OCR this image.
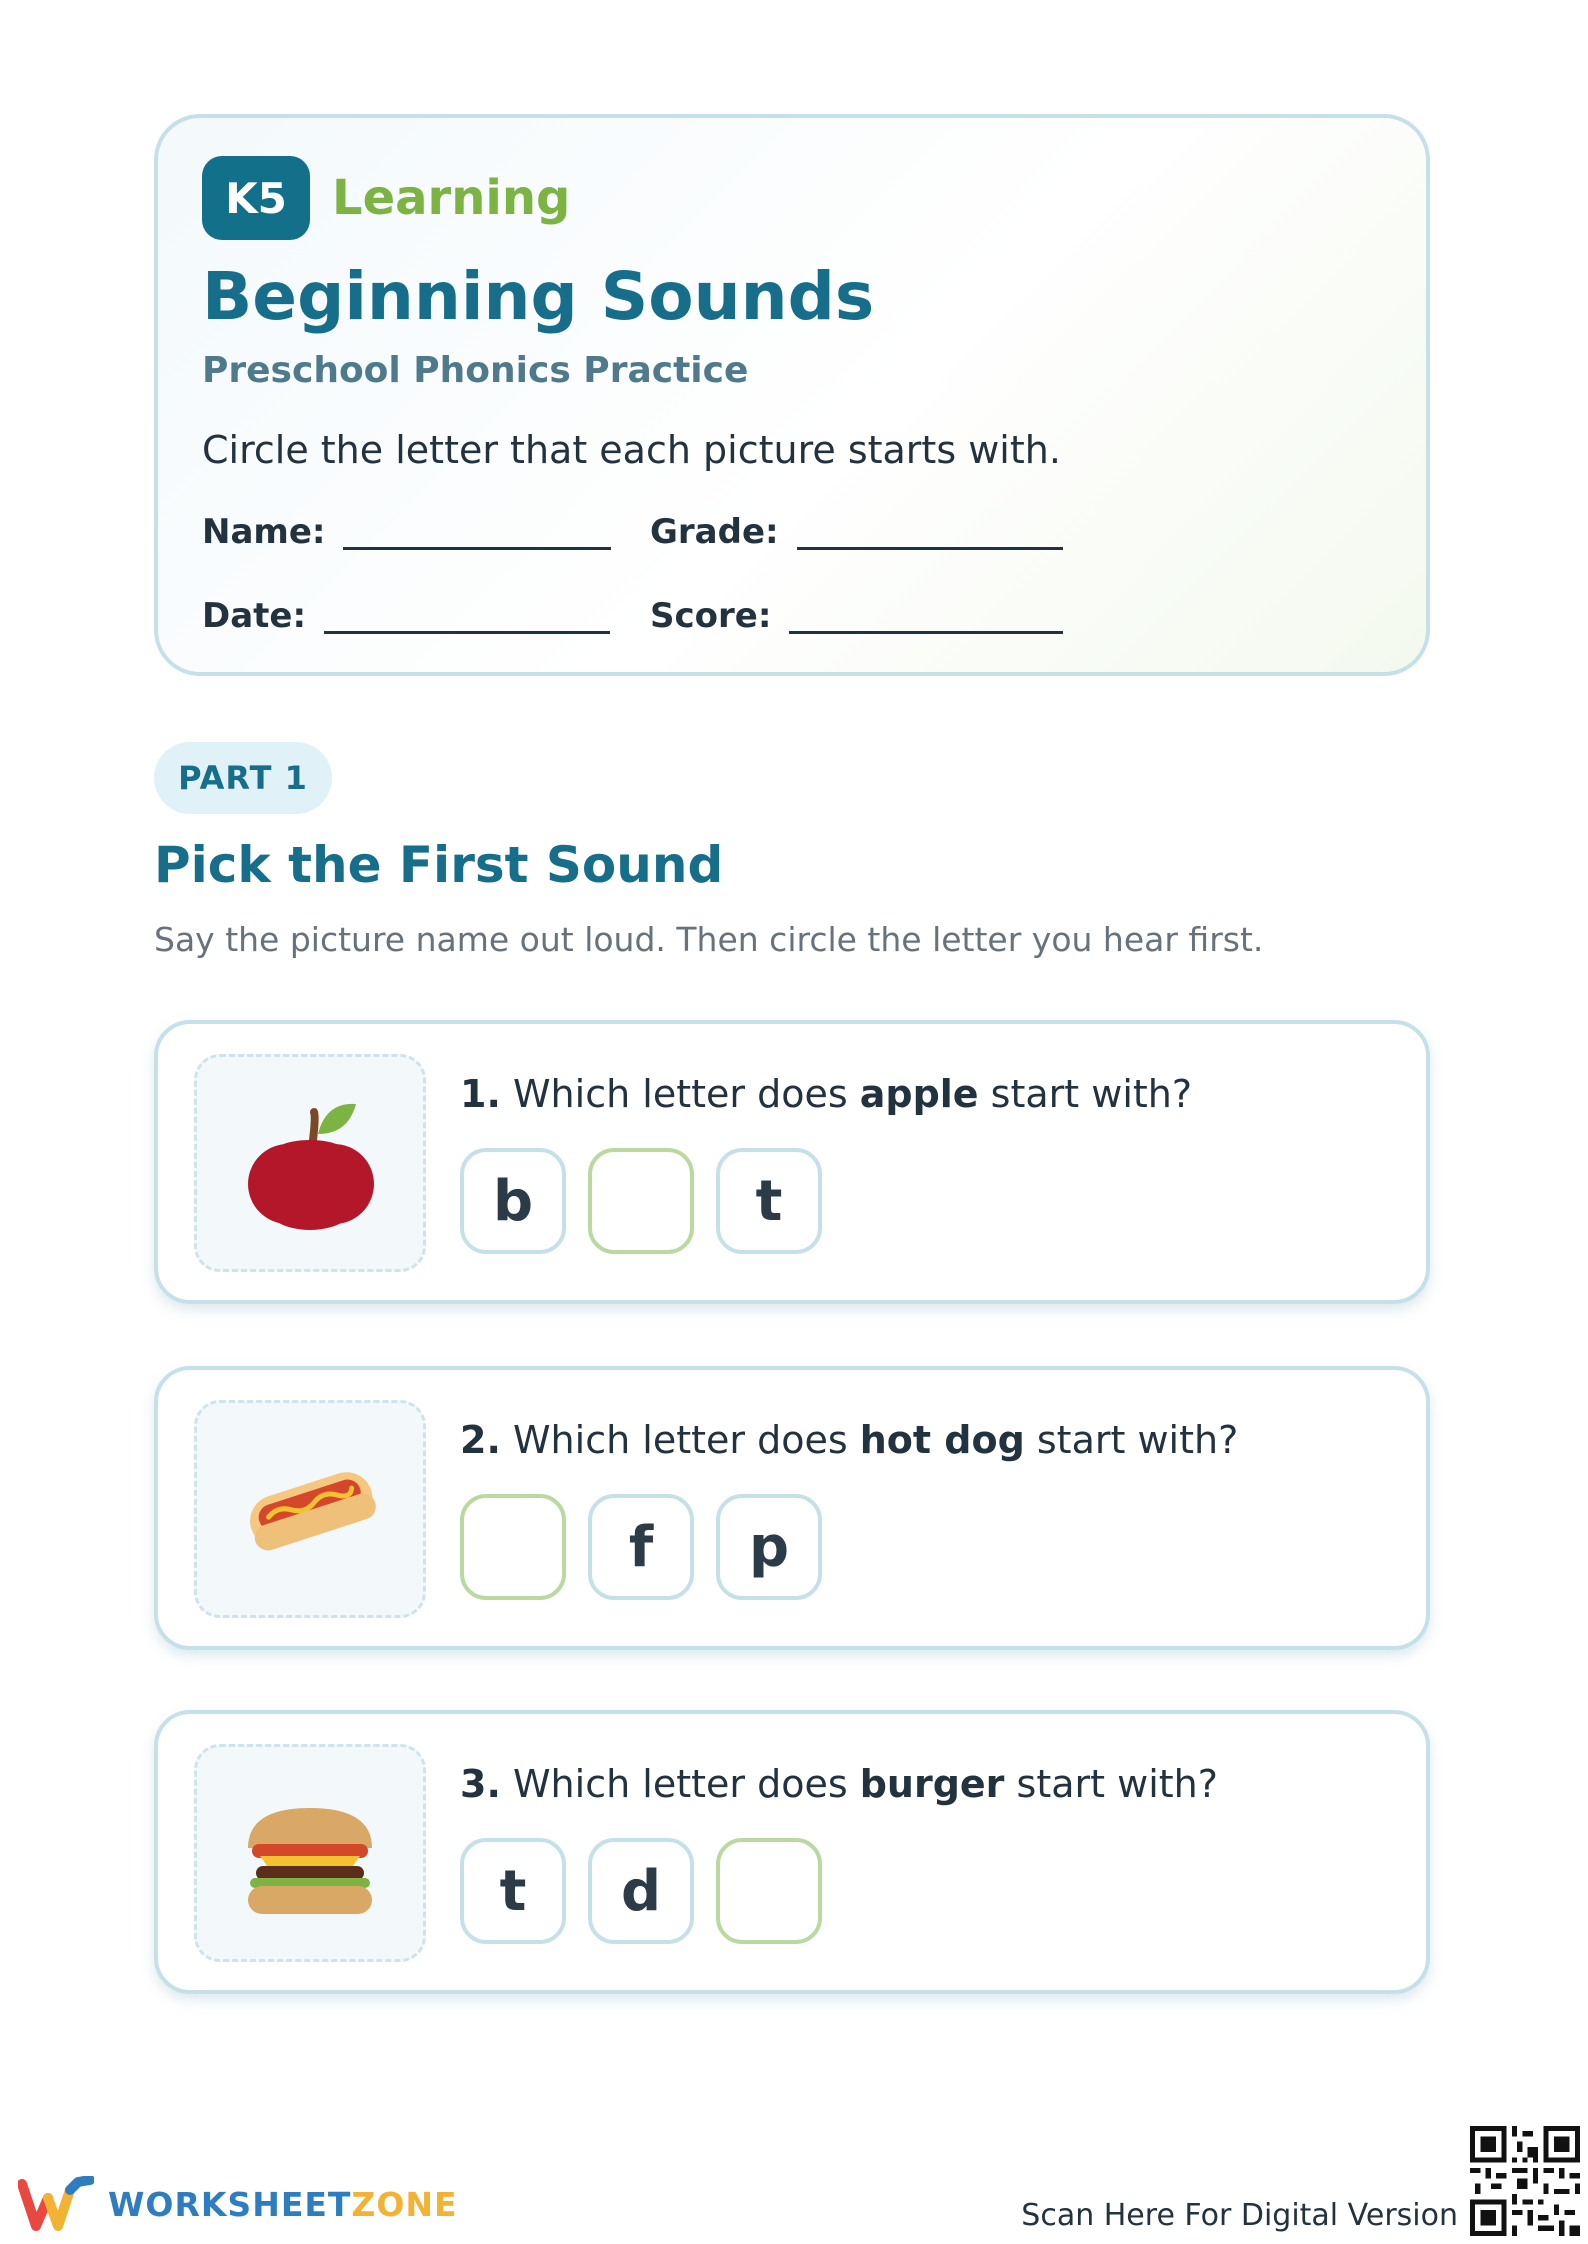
K5 Learning
Beginning Sounds
Preschool Phonics Practice
Circle the letter that each picture starts with.
Name:	Grade:
Date:	Score:
PART 1
Pick the First Sound
Say the picture name out loud. Then circle the letter you hear first.
1. Which letter does apple start with?
b	t
2. Which letter does hot dog start with?
f	p
3. Which letter does burger start with?
t	d
WORKSHEETZONE	Scan Here For Digital Version
